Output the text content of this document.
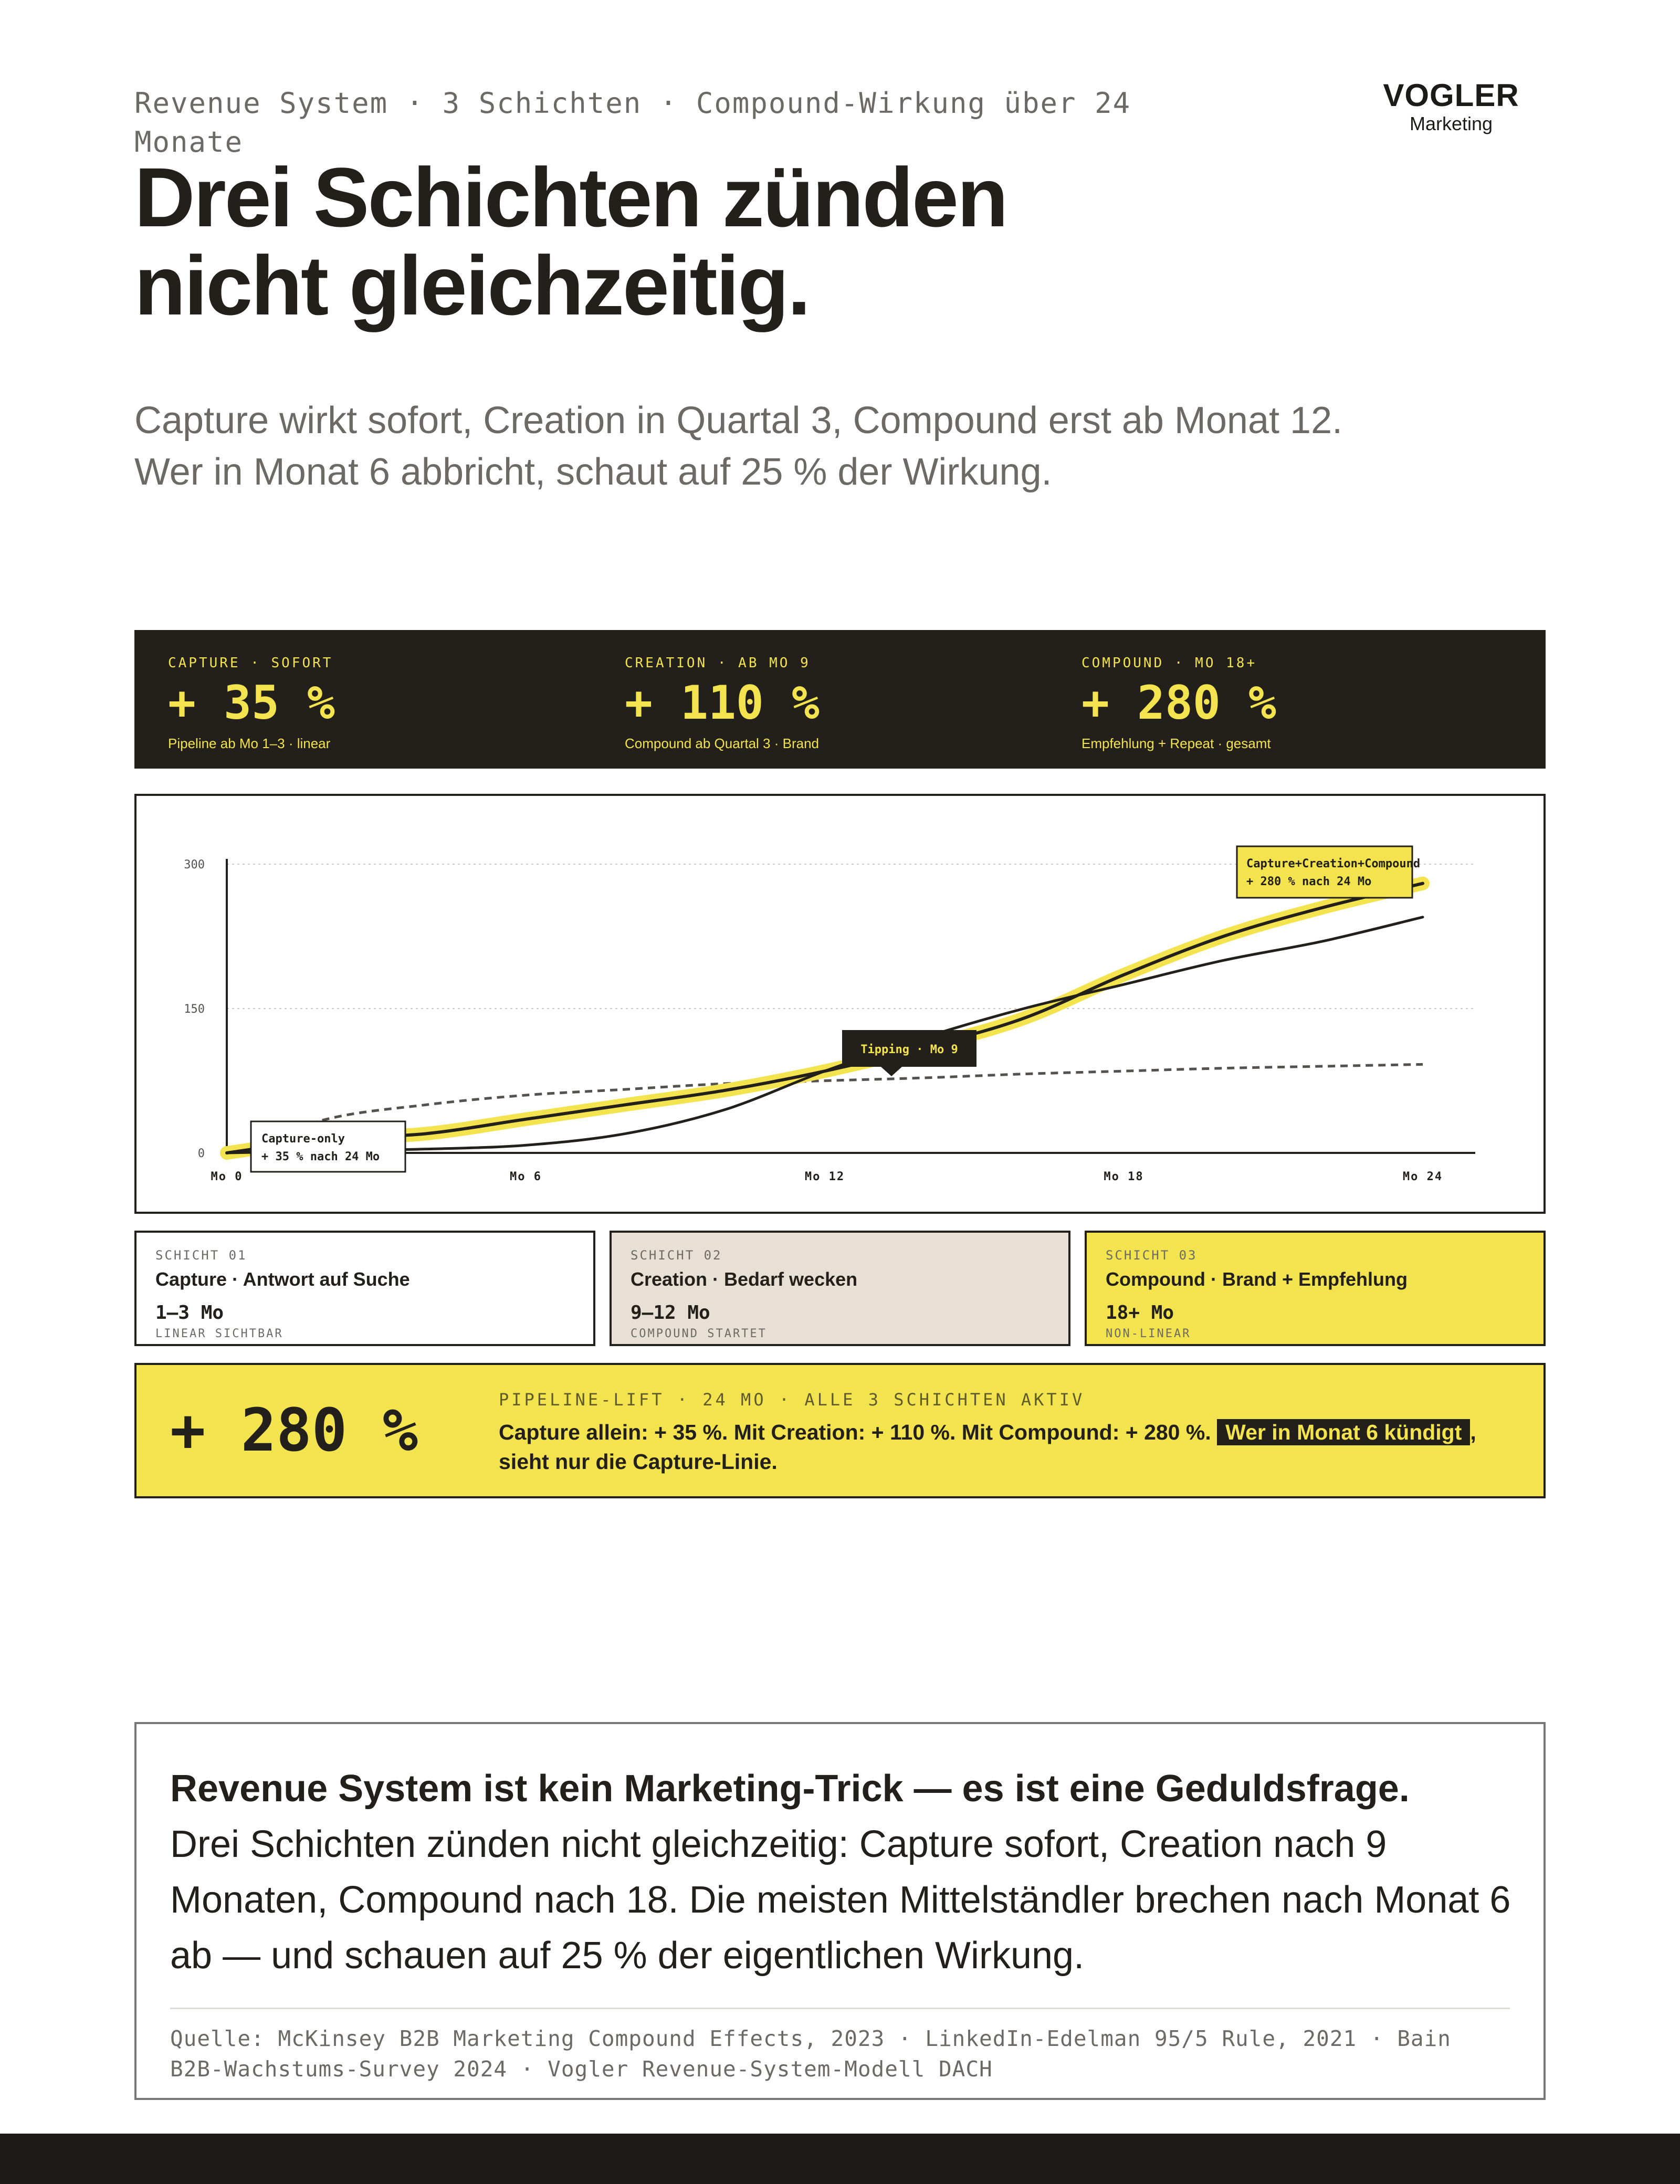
Revenue System · 3 Schichten · Compound-Wirkung über 24 Monate
VOGLER
Marketing
Drei Schichten zünden
nicht gleichzeitig.
Capture wirkt sofort, Creation in Quartal 3, Compound erst ab Monat 12.
Wer in Monat 6 abbricht, schaut auf 25 % der Wirkung.
CAPTURE · SOFORT
+ 35 %
Pipeline ab Mo 1–3 · linear
CREATION · AB MO 9
+ 110 %
Compound ab Quartal 3 · Brand
COMPOUND · MO 18+
+ 280 %
Empfehlung + Repeat · gesamt
0
150
300
Mo 0	Mo 6	Mo 12	Mo 18	Mo 24
Capture+Creation+Compound
+ 280 % nach 24 Mo
Tipping · Mo 9
Capture-only
+ 35 % nach 24 Mo
SCHICHT 01
Capture · Antwort auf Suche
1–3 Mo
LINEAR SICHTBAR
SCHICHT 02
Creation · Bedarf wecken
9–12 Mo
COMPOUND STARTET
SCHICHT 03
Compound · Brand + Empfehlung
18+ Mo
NON-LINEAR
+ 280 %	PIPELINE-LIFT · 24 MO · ALLE 3 SCHICHTEN AKTIV
Capture allein: + 35 %. Mit Creation: + 110 %. Mit Compound: + 280 %. Wer in Monat 6 kündigt , sieht nur die Capture-Linie.
Revenue System ist kein Marketing-Trick — es ist eine Geduldsfrage.
Drei Schichten zünden nicht gleichzeitig: Capture sofort, Creation nach 9 Monaten, Compound nach 18. Die meisten Mittelständler brechen nach Monat 6 ab — und schauen auf 25 % der eigentlichen Wirkung.
Quelle: McKinsey B2B Marketing Compound Effects, 2023 · LinkedIn-Edelman 95/5 Rule, 2021 · Bain B2B-Wachstums-Survey 2024 · Vogler Revenue-System-Modell DACH
